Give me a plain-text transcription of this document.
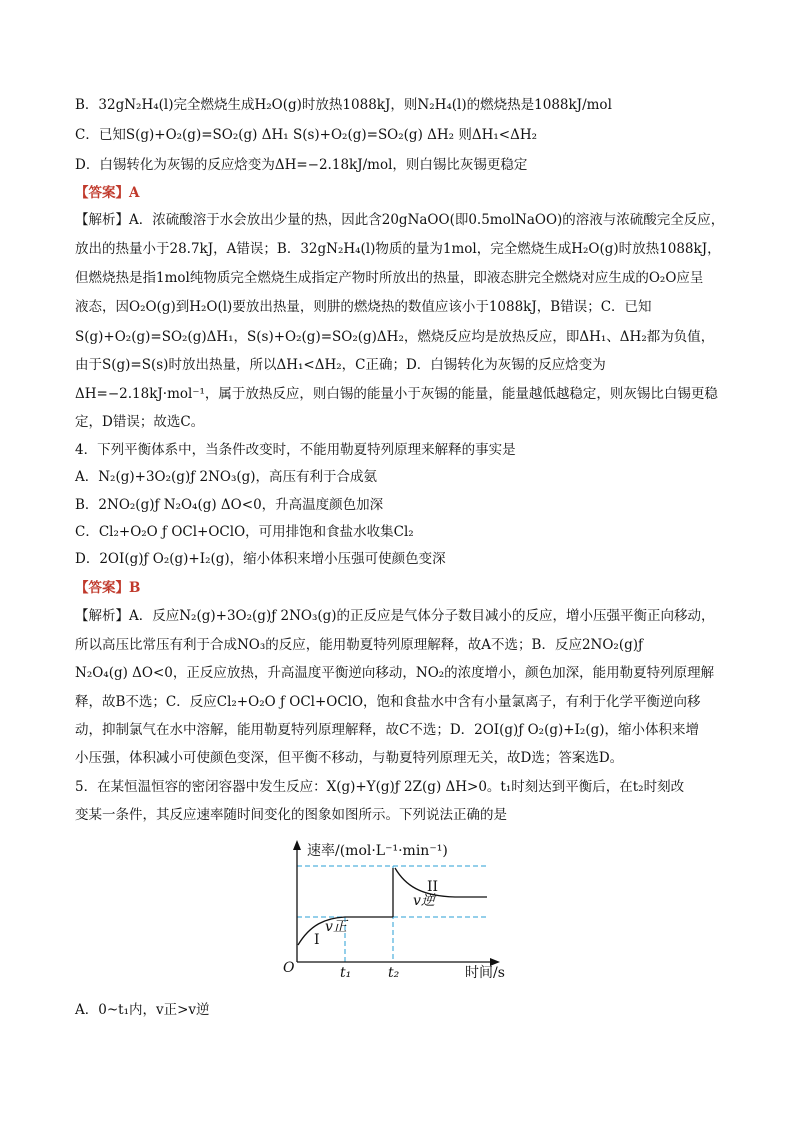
B．32gN₂H₄(l)完全燃烧生成H₂O(g)时放热1088kJ，则N₂H₄(l)的燃烧热是1088kJ/mol
C．已知S(g)+O₂(g)=SO₂(g) ΔH₁ S(s)+O₂(g)=SO₂(g) ΔH₂ 则ΔH₁<ΔH₂
D．白锡转化为灰锡的反应焓变为ΔH=−2.18kJ/mol，则白锡比灰锡更稳定
【答案】A
【解析】A．浓硫酸溶于水会放出少量的热，因此含20gNaOO(即0.5molNaOO)的溶液与浓硫酸完全反应，
放出的热量小于28.7kJ，A错误；B．32gN₂H₄(l)物质的量为1mol，完全燃烧生成H₂O(g)时放热1088kJ，
但燃烧热是指1mol纯物质完全燃烧生成指定产物时所放出的热量，即液态肼完全燃烧对应生成的O₂O应呈
液态，因O₂O(g)到H₂O(l)要放出热量，则肼的燃烧热的数值应该小于1088kJ，B错误；C．已知
S(g)+O₂(g)=SO₂(g)ΔH₁，S(s)+O₂(g)=SO₂(g)ΔH₂，燃烧反应均是放热反应，即ΔH₁、ΔH₂都为负值，
由于S(g)=S(s)时放出热量，所以ΔH₁<ΔH₂，C正确；D．白锡转化为灰锡的反应焓变为
ΔH=−2.18kJ·mol⁻¹，属于放热反应，则白锡的能量小于灰锡的能量，能量越低越稳定，则灰锡比白锡更稳
定，D错误；故选C。
4．下列平衡体系中，当条件改变时，不能用勒夏特列原理来解释的事实是
A．N₂(g)+3O₂(g)ƒ 2NO₃(g)，高压有利于合成氨
B．2NO₂(g)ƒ N₂O₄(g) ΔO<0，升高温度颜色加深
C．Cl₂+O₂O ƒ OCl+OClO，可用排饱和食盐水收集Cl₂
D．2OI(g)ƒ O₂(g)+I₂(g)，缩小体积来增小压强可使颜色变深
【答案】B
【解析】A．反应N₂(g)+3O₂(g)ƒ 2NO₃(g)的正反应是气体分子数目减小的反应，增小压强平衡正向移动，
所以高压比常压有利于合成NO₃的反应，能用勒夏特列原理解释，故A不选；B．反应2NO₂(g)ƒ
N₂O₄(g) ΔO<0，正反应放热，升高温度平衡逆向移动，NO₂的浓度增小，颜色加深，能用勒夏特列原理解
释，故B不选；C．反应Cl₂+O₂O ƒ OCl+OClO，饱和食盐水中含有小量氯离子，有利于化学平衡逆向移
动，抑制氯气在水中溶解，能用勒夏特列原理解释，故C不选；D．2OI(g)ƒ O₂(g)+I₂(g)，缩小体积来增
小压强，体积减小可使颜色变深，但平衡不移动，与勒夏特列原理无关，故D选；答案选D。
5．在某恒温恒容的密闭容器中发生反应：X(g)+Y(g)ƒ 2Z(g) ΔH>0。t₁时刻达到平衡后，在t₂时刻改
变某一条件，其反应速率随时间变化的图象如图所示。下列说法正确的是
A．0~t₁内，v正>v逆
速率/(mol·L⁻¹·min⁻¹)
时间/s
O	t₁	t₂
I
II
v正
v逆
